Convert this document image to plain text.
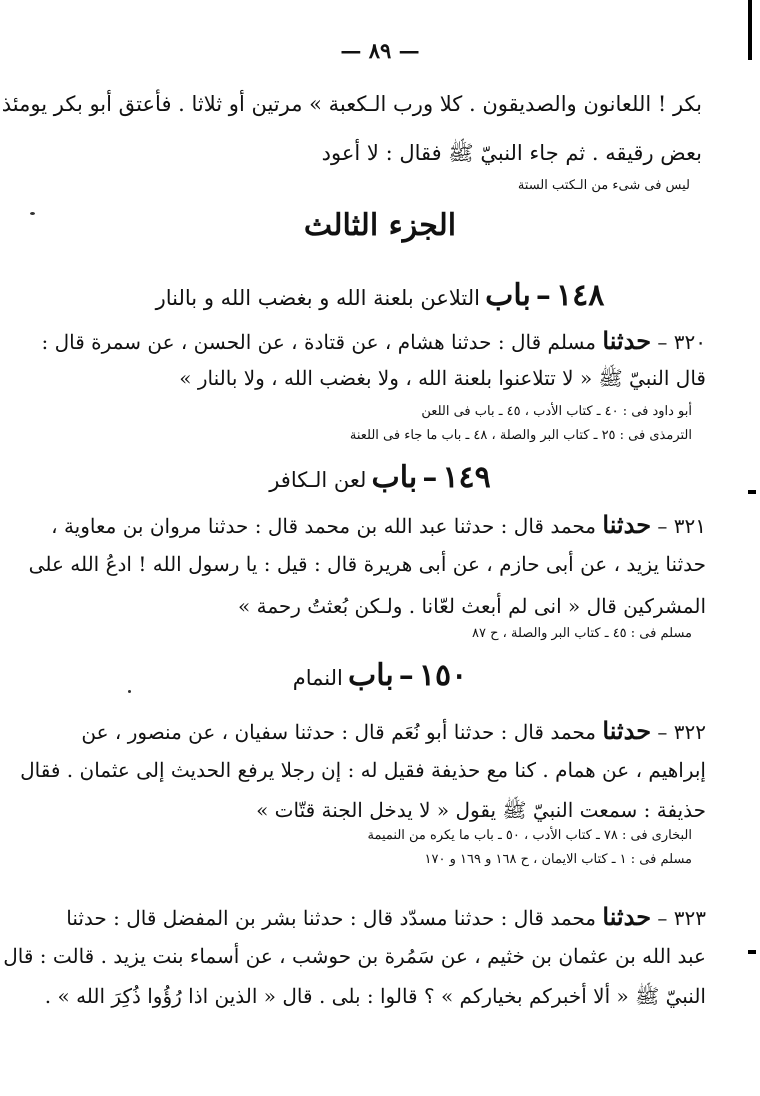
— ٨٩ —
بكر ! اللعانون والصديقون . كلا ورب الـكعبة » مرتين أو ثلاثا . فأعتق أبو بكر يومئذ
بعض رقيقه . ثم جاء النبيّ ﷺ فقال : لا أعود
ليس فى شىء من الـكتب الستة
الجزء الثالث
١٤٨ – باب التلاعن بلعنة الله و بغضب الله و بالنار
٣٢٠ – حدثنا مسلم قال : حدثنا هشام ، عن قتادة ، عن الحسن ، عن سمرة قال :
قال النبيّ ﷺ « لا تتلاعنوا بلعنة الله ، ولا بغضب الله ، ولا بالنار »
أبو داود فى : ٤٠ ـ كتاب الأدب ، ٤٥ ـ باب فى اللعن
الترمذى فى : ٢٥ ـ كتاب البر والصلة ، ٤٨ ـ باب ما جاء فى اللعنة
١٤٩ – باب لعن الـكافر
٣٢١ – حدثنا محمد قال : حدثنا عبد الله بن محمد قال : حدثنا مروان بن معاوية ،
حدثنا يزيد ، عن أبى حازم ، عن أبى هريرة قال : قيل : يا رسول الله ! ادعُ الله على
المشركين قال « انى لم أبعث لعّانا . ولـكن بُعثتُ رحمة »
مسلم فى : ٤٥ ـ كتاب البر والصلة ، ح ٨٧
١٥٠ – باب النمام
٣٢٢ – حدثنا محمد قال : حدثنا أبو نُعَم قال : حدثنا سفيان ، عن منصور ، عن
إبراهيم ، عن همام . كنا مع حذيفة فقيل له : إن رجلا يرفع الحديث إلى عثمان . فقال
حذيفة : سمعت النبيّ ﷺ يقول « لا يدخل الجنة قتّات »
البخارى فى : ٧٨ ـ كتاب الأدب ، ٥٠ ـ باب ما يكره من النميمة
مسلم فى : ١ ـ كتاب الايمان ، ح ١٦٨ و ١٦٩ و ١٧٠
٣٢٣ – حدثنا محمد قال : حدثنا مسدّد قال : حدثنا بشر بن المفضل قال : حدثنا
عبد الله بن عثمان بن خثيم ، عن سَمُرة بن حوشب ، عن أسماء بنت يزيد . قالت : قال
النبيّ ﷺ « ألا أخبركم بخياركم » ؟ قالوا : بلى . قال « الذين اذا رُؤُوا ذُكِرَ الله » .
